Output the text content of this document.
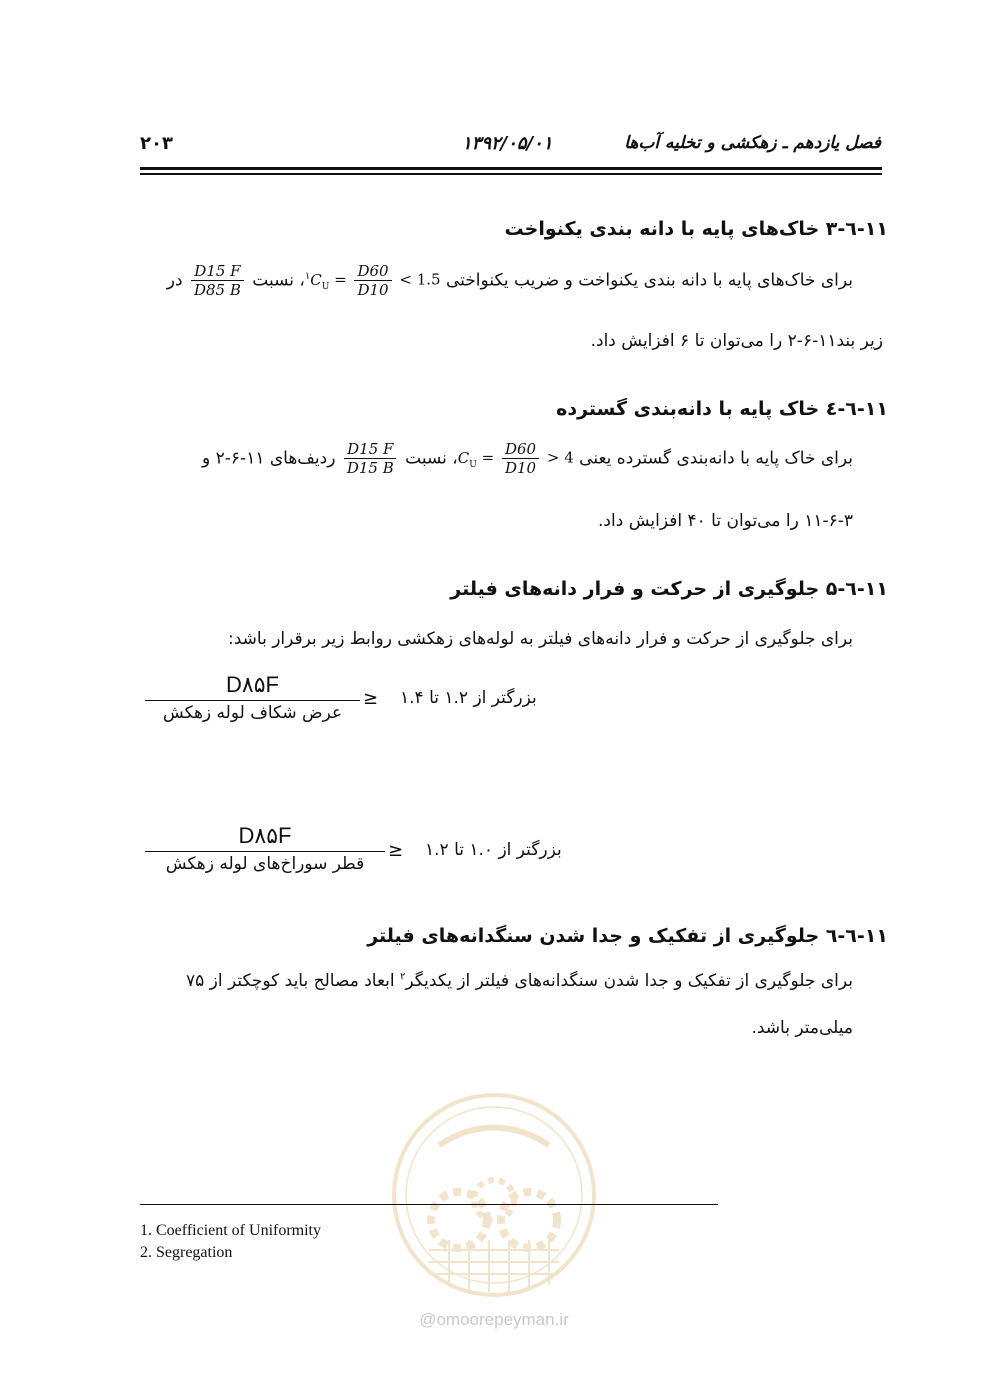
۲۰۳	۱۳۹۲/۰۵/۰۱	فصل یازدهم ـ زهکشی و تخلیه آب‌ها
۱۱-٦-۳ خاک‌های پایه با دانه بندی یکنواخت
برای خاک‌های پایه با دانه بندی یکنواخت و ضریب یکنواختی $C_U = \frac{D60}{D10}$ < 1.5$^۱$، نسبت
$\frac{D15 F}{D85 B}$
در
زیر بند۱۱-۶-۲ را می‌توان تا ۶ افزایش داد.
۱۱-٦-٤ خاک پایه با دانه‌بندی گسترده
برای خاک پایه با دانه‌بندی گسترده یعنی $C_U = \frac{D60}{D10}$ > 4، نسبت
$\frac{D15 F}{D15 B}$
ردیف‌های ۱۱-۶-۲ و
۱۱-۶-۳ را می‌توان تا ۴۰ افزایش داد.
۱۱-٦-۵ جلوگیری از حرکت و فرار دانه‌های فیلتر
برای جلوگیری از حرکت و فرار دانه‌های فیلتر به لوله‌های زهکشی روابط زیر برقرار باشد:
D۸۵F
عرض شکاف لوله زهکش
≥ بزرگتر از ۱.۲ تا ۱.۴
D۸۵F
قطر سوراخ‌های لوله زهکش
≥ بزرگتر از ۱.۰ تا ۱.۲
۱۱-٦-٦ جلوگیری از تفکیک و جدا شدن سنگدانه‌های فیلتر
برای جلوگیری از تفکیک و جدا شدن سنگدانه‌های فیلتر از یکدیگر$^۲$ ابعاد مصالح باید کوچکتر از ۷۵
میلی‌متر باشد.
@omoorepeyman.ir
1. Coefficient of Uniformity
2. Segregation
